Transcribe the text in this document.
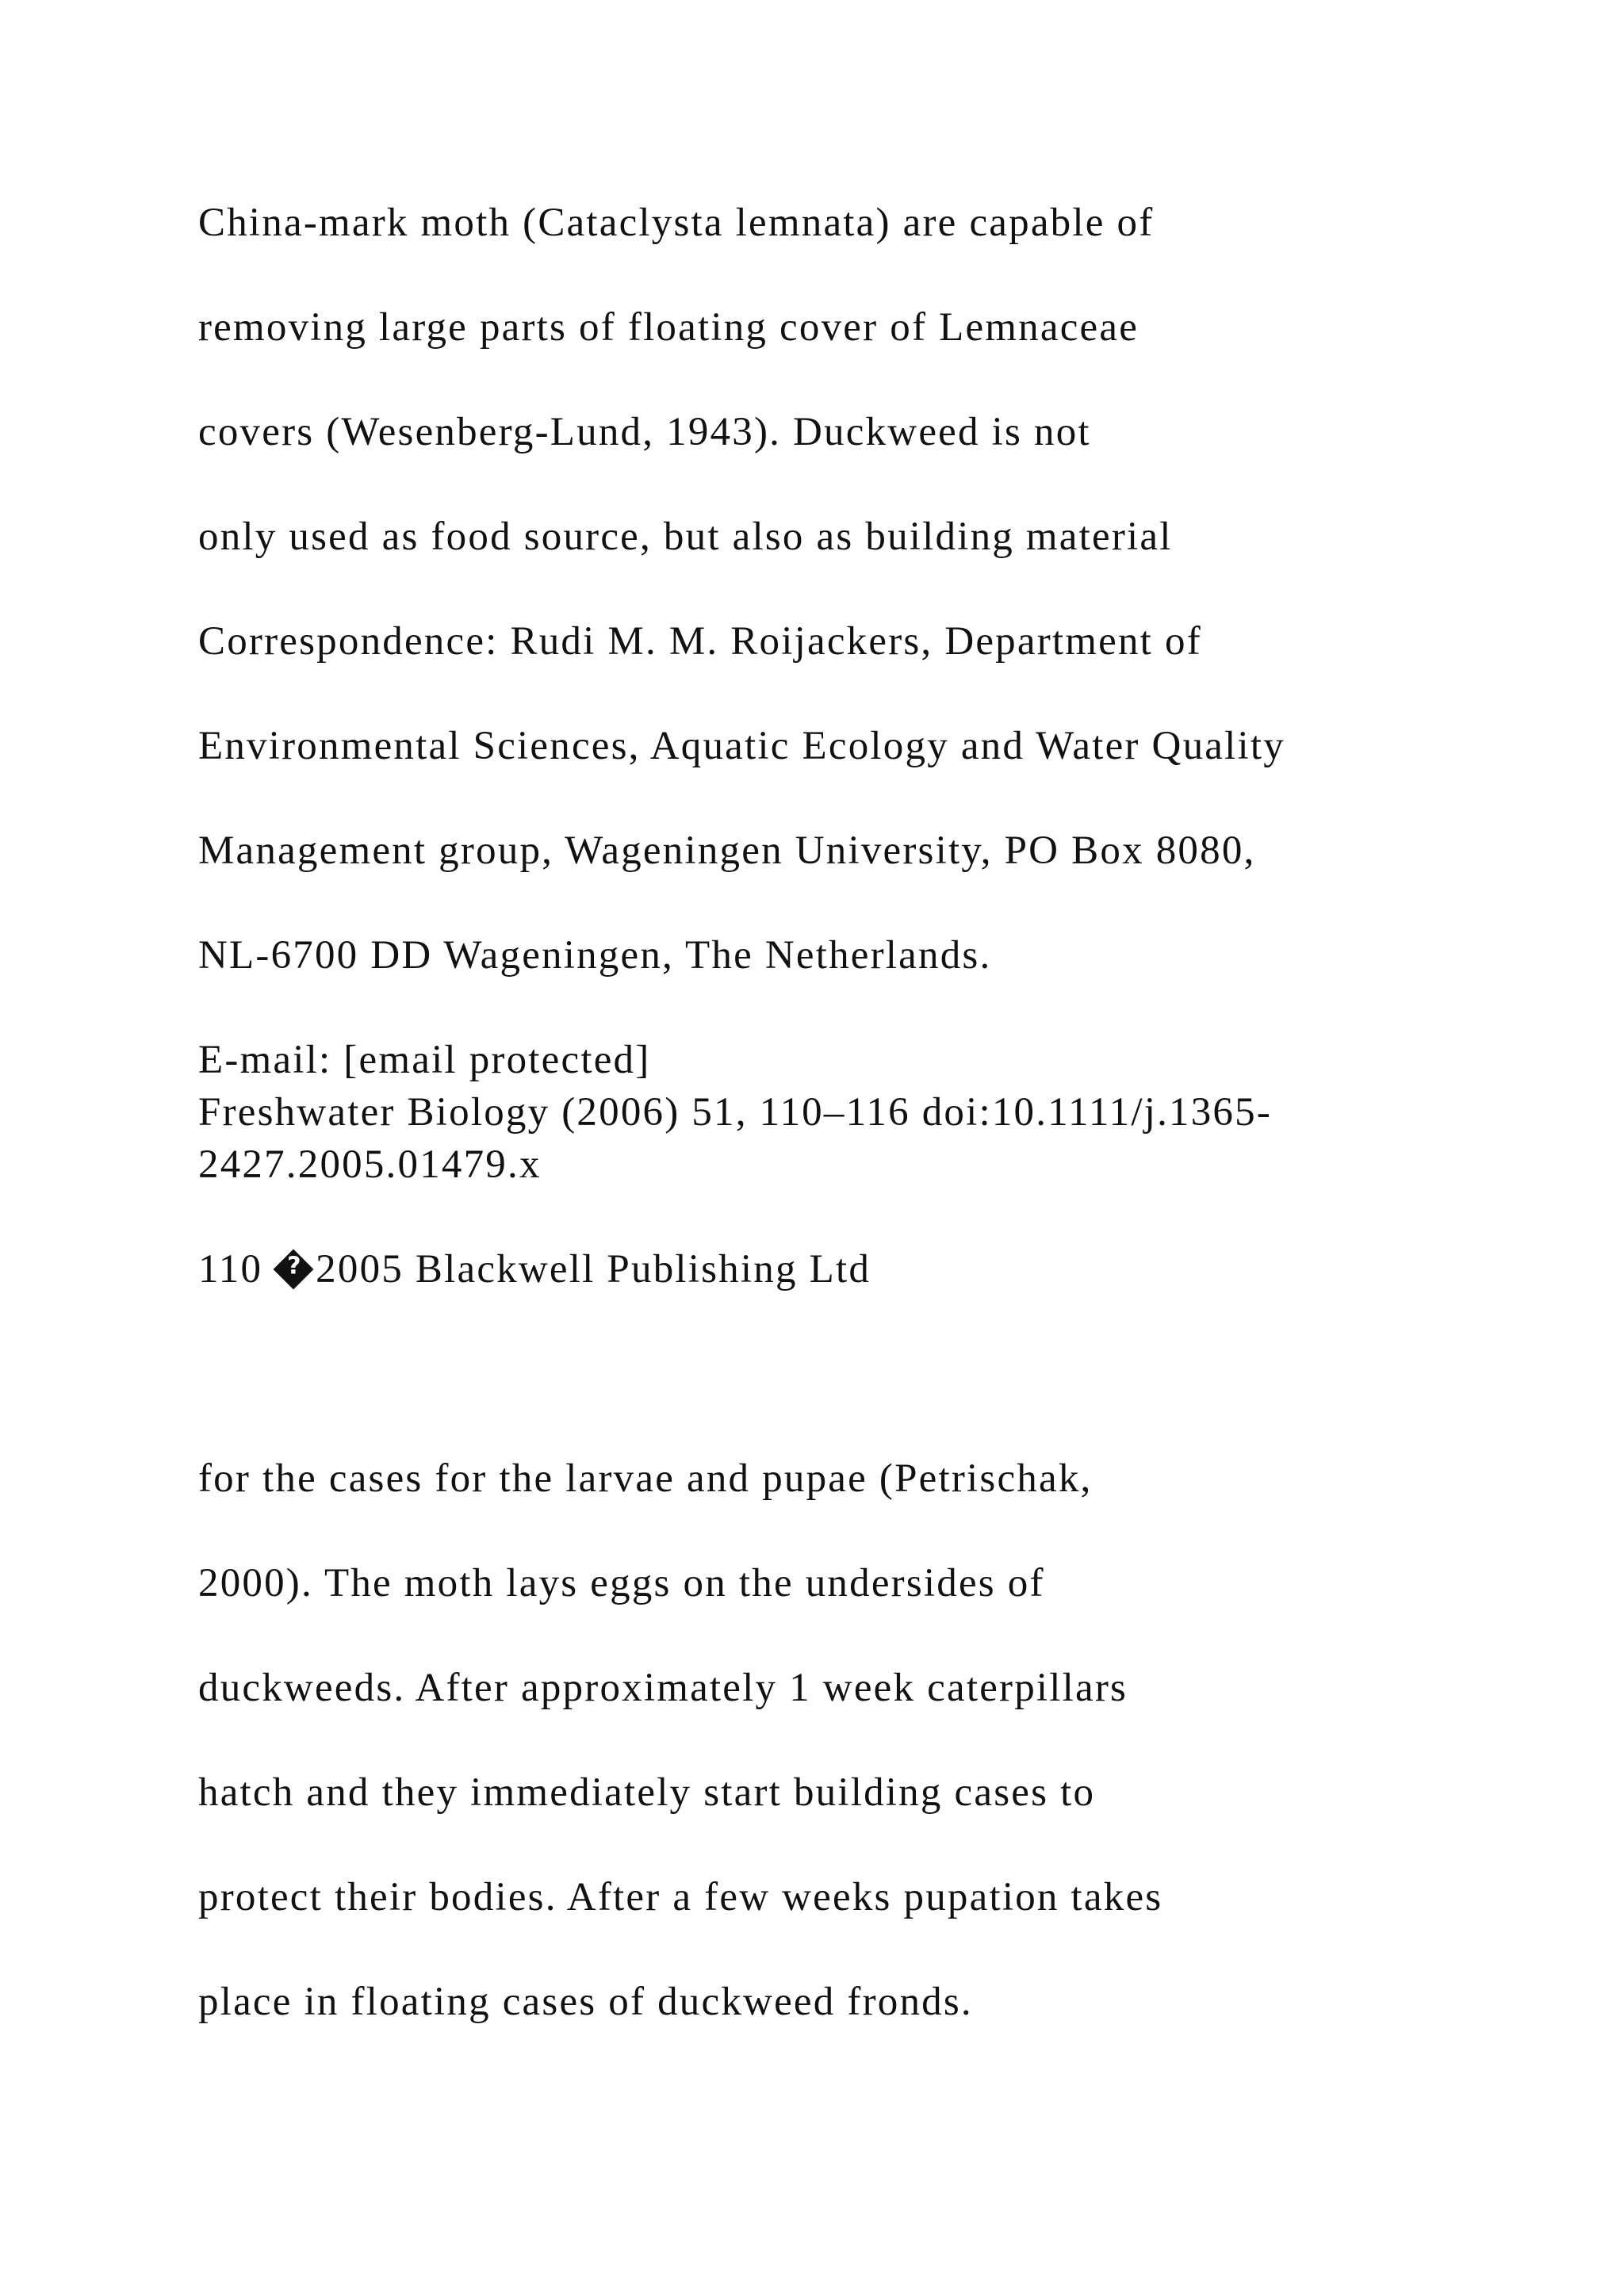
China-mark moth (Cataclysta lemnata) are capable of

removing large parts of floating cover of Lemnaceae

covers (Wesenberg-Lund, 1943). Duckweed is not

only used as food source, but also as building material

Correspondence: Rudi M. M. Roijackers, Department of

Environmental Sciences, Aquatic Ecology and Water Quality

Management group, Wageningen University, PO Box 8080,

NL-6700 DD Wageningen, The Netherlands.

E-mail: [email protected]

Freshwater Biology (2006) 51, 110–116 doi:10.1111/j.1365-

2427.2005.01479.x

110 ? 2005 Blackwell Publishing Ltd

for the cases for the larvae and pupae (Petrischak,

2000). The moth lays eggs on the undersides of

duckweeds. After approximately 1 week caterpillars

hatch and they immediately start building cases to

protect their bodies. After a few weeks pupation takes

place in floating cases of duckweed fronds.
